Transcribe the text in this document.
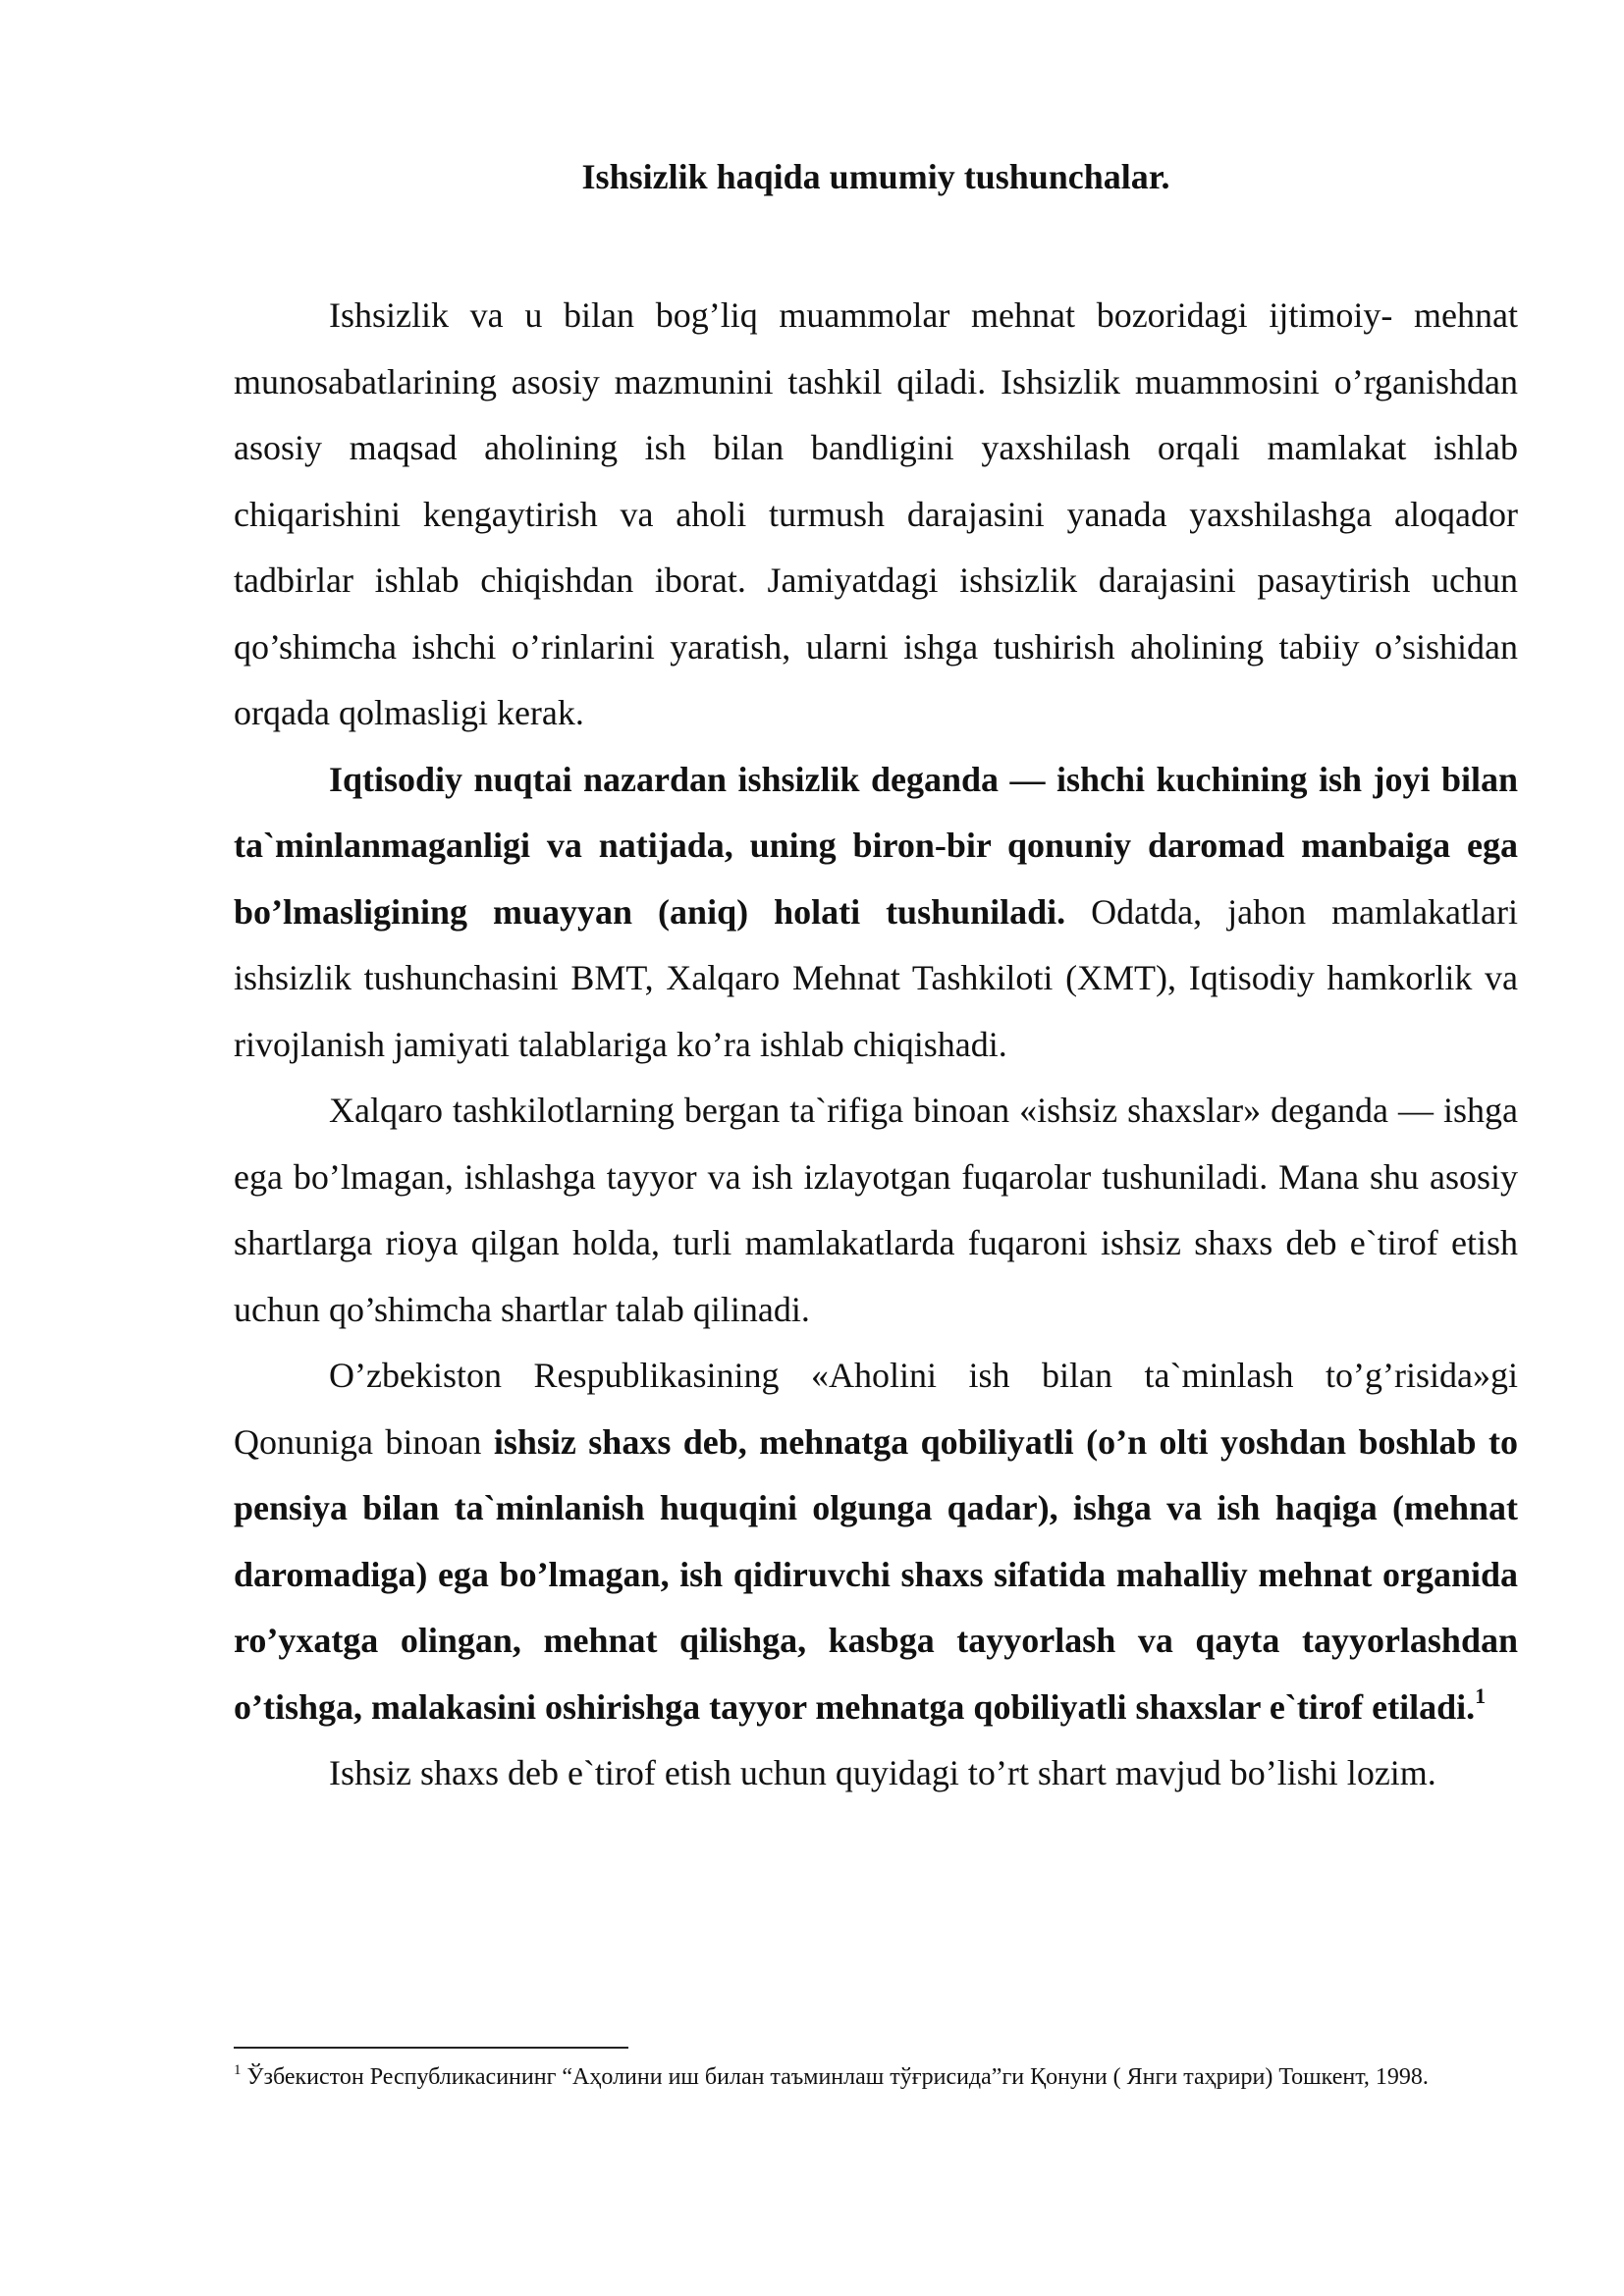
Ishsizlik haqida umumiy tushunchalar.

Ishsizlik va u bilan bog’liq muammolar mehnat bozoridagi ijtimoiy- mehnat munosabatlarining asosiy mazmunini tashkil qiladi. Ishsizlik muammosini o’rganishdan asosiy maqsad aholining ish bilan bandligini yaxshilash orqali mamlakat ishlab chiqarishini kengaytirish va aholi turmush darajasini yanada yaxshilashga aloqador tadbirlar ishlab chiqishdan iborat. Jamiyatdagi ishsizlik darajasini pasaytirish uchun qo’shimcha ishchi o’rinlarini yaratish, ularni ishga tushirish aholining tabiiy o’sishidan orqada qolmasligi kerak.

Iqtisodiy nuqtai nazardan ishsizlik deganda — ishchi kuchining ish joyi bilan ta`minlanmaganligi va natijada, uning biron-bir qonuniy daromad manbaiga ega bo’lmasligining muayyan (aniq) holati tushuniladi. Odatda, jahon mamlakatlari ishsizlik tushunchasini BMT, Xalqaro Mehnat Tashkiloti (XMT), Iqtisodiy hamkorlik va rivojlanish jamiyati talablariga ko’ra ishlab chiqishadi.

Xalqaro tashkilotlarning bergan ta`rifiga binoan «ishsiz shaxslar» deganda — ishga ega bo’lmagan, ishlashga tayyor va ish izlayotgan fuqarolar tushuniladi. Mana shu asosiy shartlarga rioya qilgan holda, turli mamlakatlarda fuqaroni ishsiz shaxs deb e`tirof etish uchun qo’shimcha shartlar talab qilinadi.

O’zbekiston Respublikasining «Aholini ish bilan ta`minlash to’g’risida»gi Qonuniga binoan ishsiz shaxs deb, mehnatga qobiliyatli (o’n olti yoshdan boshlab to pensiya bilan ta`minlanish huquqini olgunga qadar), ishga va ish haqiga (mehnat daromadiga) ega bo’lmagan, ish qidiruvchi shaxs sifatida mahalliy mehnat organida ro’yxatga olingan, mehnat qilishga, kasbga tayyorlash va qayta tayyorlashdan o’tishga, malakasini oshirishga tayyor mehnatga qobiliyatli shaxslar e`tirof etiladi.$^1$

Ishsiz shaxs deb e`tirof etish uchun quyidagi to’rt shart mavjud bo’lishi lozim.

$^1$ Ўзбекистон Республикасининг “Аҳолини иш билан таъминлаш тўғрисида”ги Қонуни ( Янги таҳрири) Тошкент, 1998.
